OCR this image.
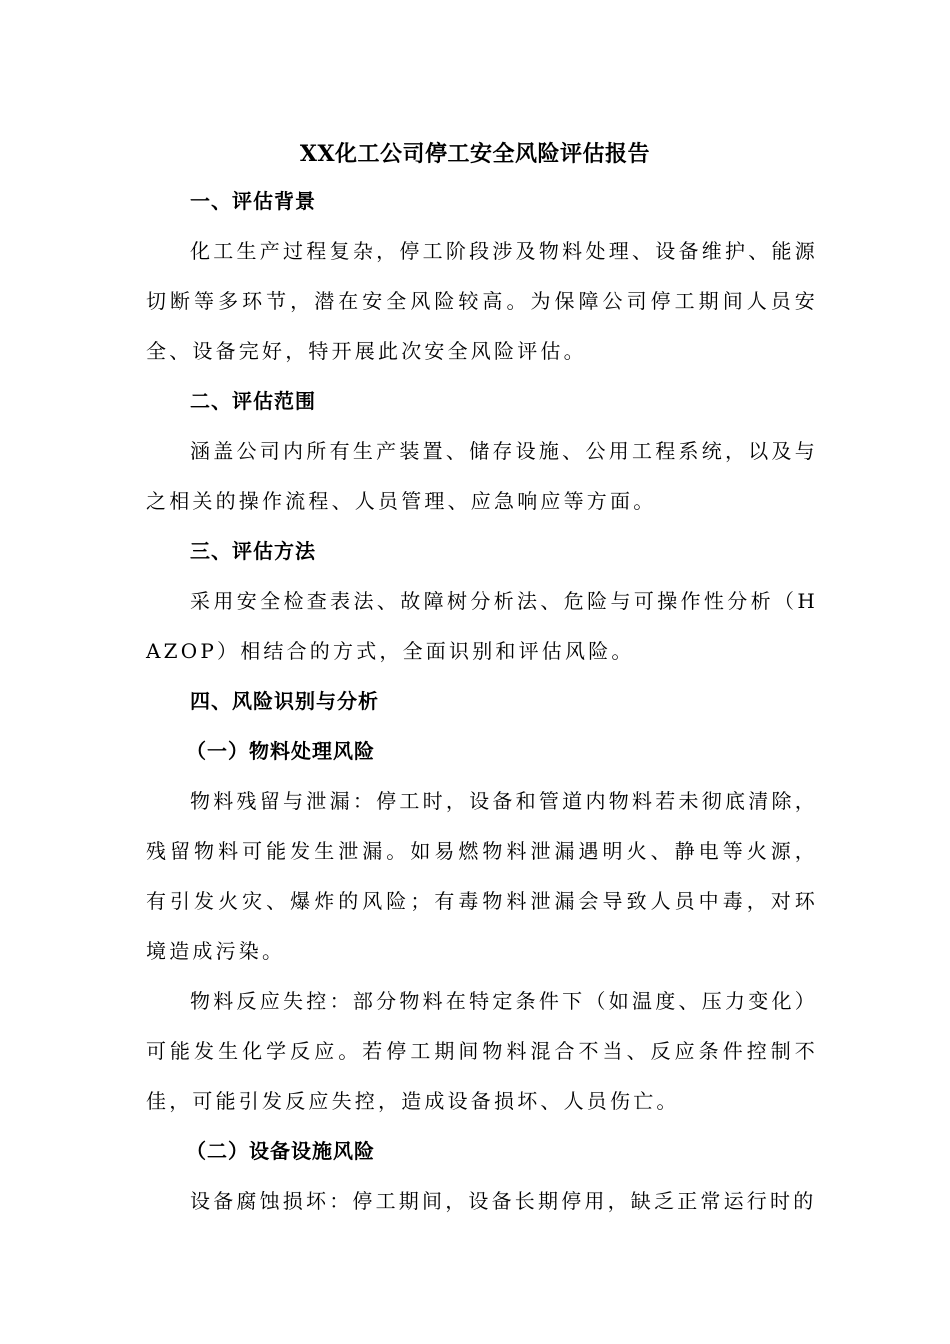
XX化工公司停工安全风险评估报告
一、评估背景
化工生产过程复杂，停工阶段涉及物料处理、设备维护、能源切断等多环节，潜在安全风险较高。为保障公司停工期间人员安全、设备完好，特开展此次安全风险评估。
二、评估范围
涵盖公司内所有生产装置、储存设施、公用工程系统，以及与之相关的操作流程、人员管理、应急响应等方面。
三、评估方法
采用安全检查表法、故障树分析法、危险与可操作性分析（HAZOP）相结合的方式，全面识别和评估风险。
四、风险识别与分析
（一）物料处理风险
物料残留与泄漏：停工时，设备和管道内物料若未彻底清除，残留物料可能发生泄漏。如易燃物料泄漏遇明火、静电等火源，有引发火灾、爆炸的风险；有毒物料泄漏会导致人员中毒，对环境造成污染。
物料反应失控：部分物料在特定条件下（如温度、压力变化）可能发生化学反应。若停工期间物料混合不当、反应条件控制不佳，可能引发反应失控，造成设备损坏、人员伤亡。
（二）设备设施风险
设备腐蚀损坏：停工期间，设备长期停用，缺乏正常运行时的
